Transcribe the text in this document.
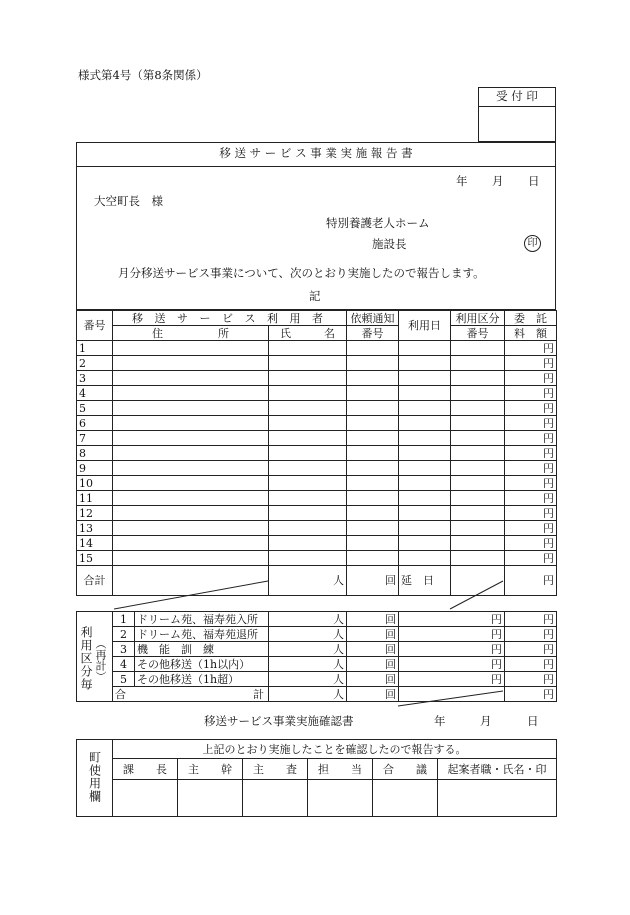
様式第4号（第8条関係）
受 付 印
移 送 サ ー ビ ス 事 業 実 施 報 告 書
年 月 日
大空町長　様
特別養護老人ホーム
施設長	印
月分移送サービス事業について、次のとおり実施したので報告します。
記
番号	移 送 サ ー ビ ス 利 用 者		依頼通知	利用日	利用区分	委　託
	住　　　　　所	氏　　　名	番号		番号	料　額
1						円
2						円
3						円
4						円
5						円
6						円
7						円
8						円
9						円
10						円
11						円
12						円
13						円
14						円
15						円
合計		人	回	延　日		円
	1	ドリーム苑、福寿苑入所	人	回	円	円
	2	ドリーム苑、福寿苑退所	人	回	円	円
	3	機　能　訓　練	人	回	円	円
	4	その他移送（1h以内）	人	回	円	円
	5	その他移送（1h超）	人	回	円	円
	合 計		人	回		円
利用区分毎 （再計）
移送サービス事業実施確認書	年	月	日
町使用欄	上記のとおり実施したことを確認したので報告する。					
	課　　長	主　　幹	主　　査	担　　当	合　　議	起案者職・氏名・印
